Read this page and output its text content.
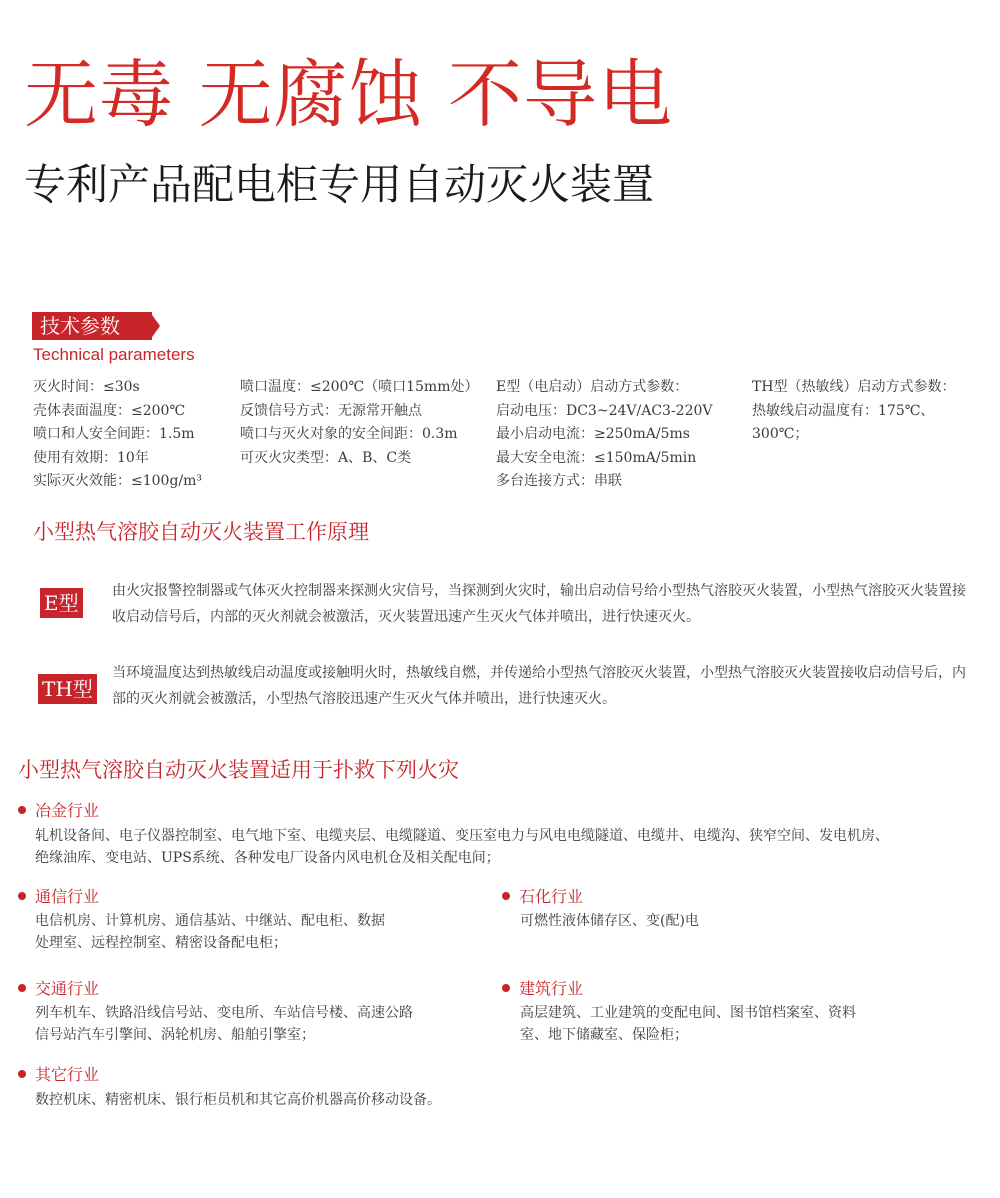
无毒 无腐蚀 不导电
专利产品配电柜专用自动灭火装置
技术参数
Technical parameters
灭火时间：≤30s
壳体表面温度：≤200℃
喷口和人安全间距：1.5m
使用有效期：10年
实际灭火效能：≤100g/m³
喷口温度：≤200℃（喷口15mm处）
反馈信号方式：无源常开触点
喷口与灭火对象的安全间距：0.3m
可灭火灾类型：A、B、C类
E型（电启动）启动方式参数：
启动电压：DC3~24V/AC3-220V
最小启动电流：≥250mA/5ms
最大安全电流：≤150mA/5min
多台连接方式：串联
TH型（热敏线）启动方式参数：
热敏线启动温度有：175℃、
300℃；
小型热气溶胶自动灭火装置工作原理
E型 由火灾报警控制器或气体灭火控制器来探测火灾信号，当探测到火灾时，输出启动信号给小型热气溶胶灭火装置，小型热气溶胶灭火装置接收启动信号后，内部的灭火剂就会被激活，灭火装置迅速产生灭火气体并喷出，进行快速灭火。
TH型
当环境温度达到热敏线启动温度或接触明火时，热敏线自燃，并传递给小型热气溶胶灭火装置，小型热气溶胶灭火装置接收启动信号后，内部的灭火剂就会被激活，小型热气溶胶迅速产生灭火气体并喷出，进行快速灭火。
小型热气溶胶自动灭火装置适用于扑救下列火灾
冶金行业
轧机设备间、电子仪器控制室、电气地下室、电缆夹层、电缆隧道、变压室电力与风电电缆隧道、电缆井、电缆沟、狭窄空间、发电机房、
绝缘油库、变电站、UPS系统、各种发电厂设备内风电机仓及相关配电间；
通信行业
电信机房、计算机房、通信基站、中继站、配电柜、数据
处理室、远程控制室、精密设备配电柜；
石化行业
可燃性液体储存区、变(配)电
交通行业
列车机车、铁路沿线信号站、变电所、车站信号楼、高速公路
信号站汽车引擎间、涡轮机房、船舶引擎室；
建筑行业
高层建筑、工业建筑的变配电间、图书馆档案室、资料
室、地下储藏室、保险柜；
其它行业
数控机床、精密机床、银行柜员机和其它高价机器高价移动设备。
